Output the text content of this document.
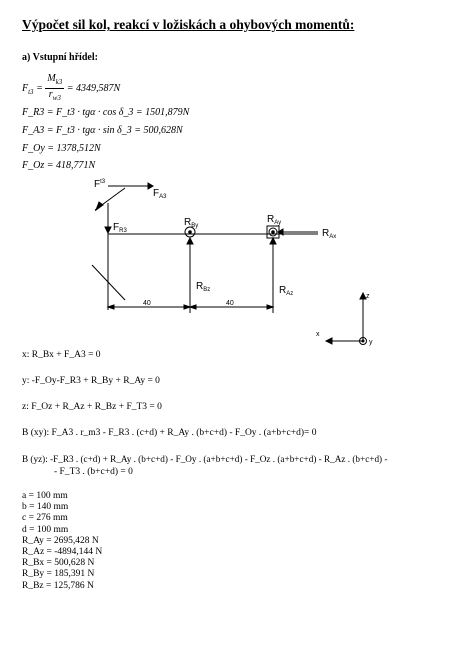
Výpočet sil kol, reakcí v ložiskách a ohybových momentů:
a) Vstupní hřídel:
$F_{t3} = \frac{M_{k3}}{r_{w3}} = 4349,587N$
F_R3 = F_t3 · tgα · cos δ_3 = 1501,879N
F_A3 = F_t3 · tgα · sin δ_3 = 500,628N
F_Oy = 1378,512N
F_Oz = 418,771N
$F^{t3}$
$F_{A3}$
$F_{R3}$
$R_{By}$
$R_{Ay}$
$R_{Ax}$
$R_{Bz}$	$R_{Az}$
40	40
z
x
y
x: R_Bx + F_A3 = 0
y: -F_Oy-F_R3 + R_By + R_Ay = 0
z: F_Oz + R_Az + R_Bz + F_T3 = 0
B (xy): F_A3 . r_m3 - F_R3 . (c+d) + R_Ay . (b+c+d) - F_Oy . (a+b+c+d)= 0
B (yz): -F_R3 . (c+d) + R_Ay . (b+c+d) - F_Oy . (a+b+c+d) - F_Oz . (a+b+c+d) - R_Az . (b+c+d) -
- F_T3 . (b+c+d) = 0
a = 100 mm
b = 140 mm
c = 276 mm
d = 100 mm
R_Ay = 2695,428 N
R_Az = -4894,144 N
R_Bx = 500,628 N
R_By = 185,391 N
R_Bz = 125,786 N
